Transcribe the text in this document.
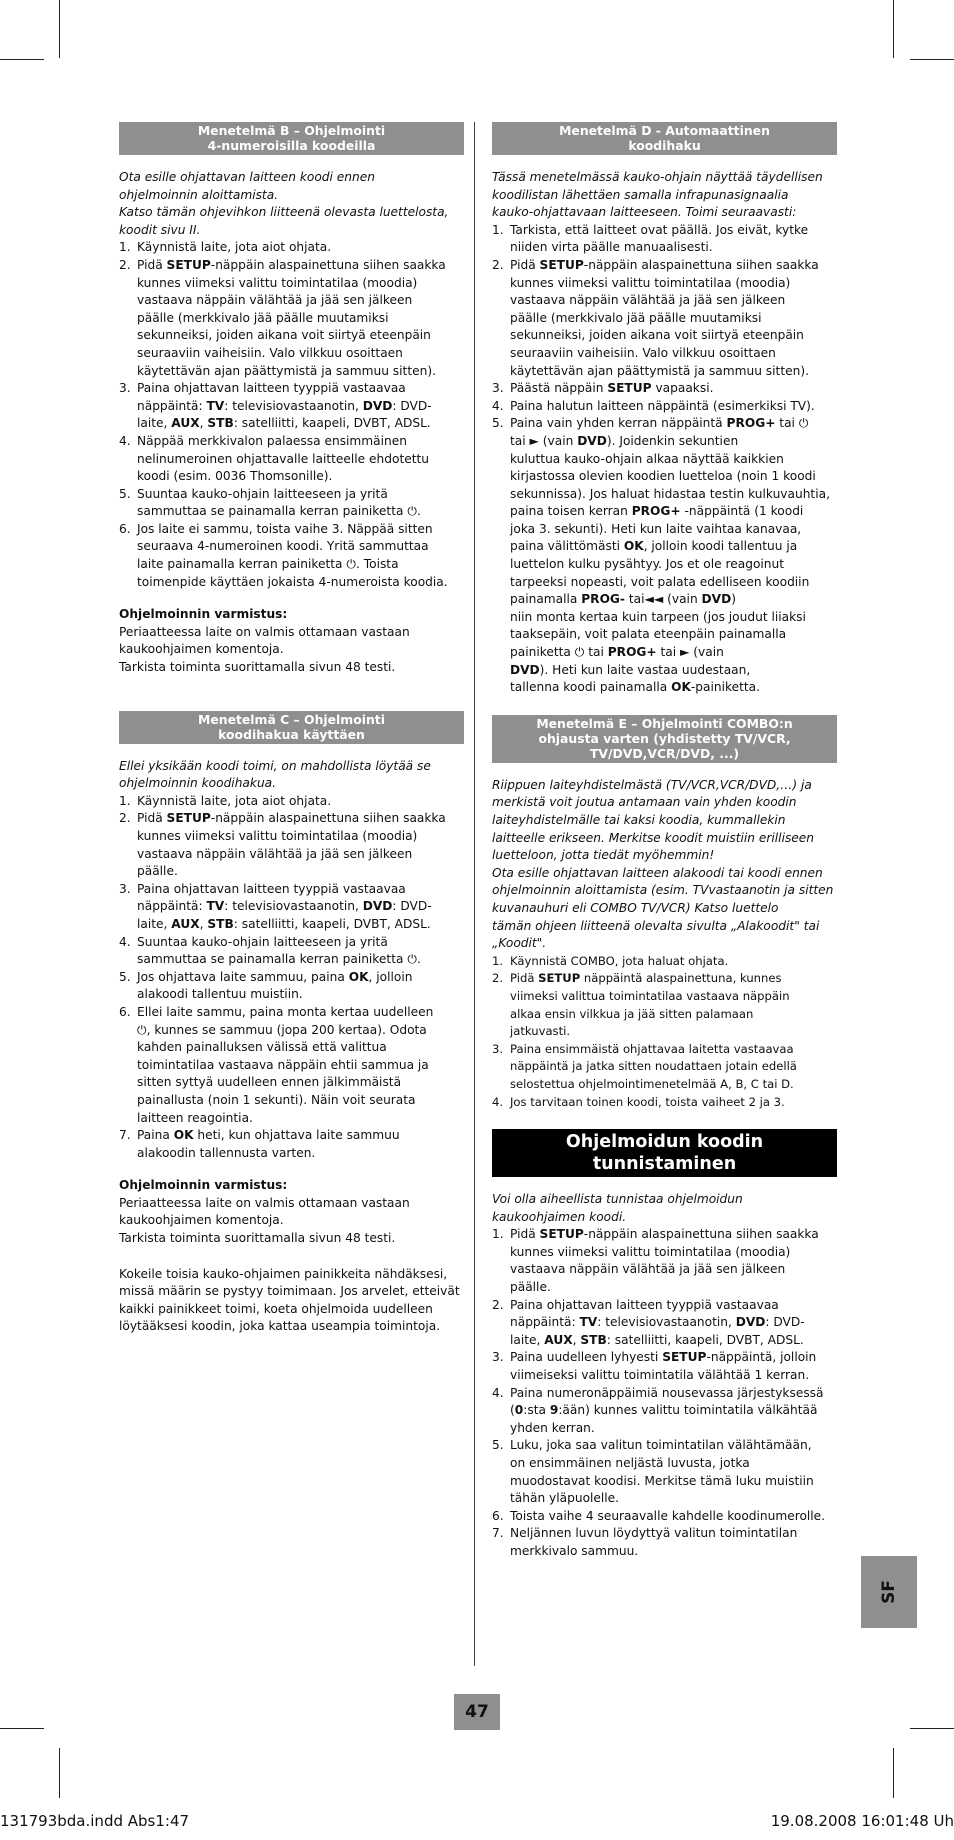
Menetelmä B – Ohjelmointi
4-numeroisilla koodeilla
Ota esille ohjattavan laitteen koodi ennen
ohjelmoinnin aloittamista.
Katso tämän ohjevihkon liitteenä olevasta luettelosta,
koodit sivu II.
1. Käynnistä laite, jota aiot ohjata.
2. Pidä SETUP-näppäin alaspainettuna siihen saakka
kunnes viimeksi valittu toimintatilaa (moodia)
vastaava näppäin välähtää ja jää sen jälkeen
päälle (merkkivalo jää päälle muutamiksi
sekunneiksi, joiden aikana voit siirtyä eteenpäin
seuraaviin vaiheisiin. Valo vilkkuu osoittaen
käytettävän ajan päättymistä ja sammuu sitten).
3. Paina ohjattavan laitteen tyyppiä vastaavaa
näppäintä: TV: televisiovastaanotin, DVD: DVD-
laite, AUX, STB: satelliitti, kaapeli, DVBT, ADSL.
4. Näppää merkkivalon palaessa ensimmäinen
nelinumeroinen ohjattavalle laitteelle ehdotettu
koodi (esim. 0036 Thomsonille).
5. Suuntaa kauko-ohjain laitteeseen ja yritä
sammuttaa se painamalla kerran painiketta ⏻.
6. Jos laite ei sammu, toista vaihe 3. Näppää sitten
seuraava 4-numeroinen koodi. Yritä sammuttaa
laite painamalla kerran painiketta ⏻. Toista
toimenpide käyttäen jokaista 4-numeroista koodia.
Ohjelmoinnin varmistus:
Periaatteessa laite on valmis ottamaan vastaan
kaukoohjaimen komentoja.
Tarkista toiminta suorittamalla sivun 48 testi.
Menetelmä C – Ohjelmointi
koodihakua käyttäen
Ellei yksikään koodi toimi, on mahdollista löytää se
ohjelmoinnin koodihakua.
1. Käynnistä laite, jota aiot ohjata.
2. Pidä SETUP-näppäin alaspainettuna siihen saakka
kunnes viimeksi valittu toimintatilaa (moodia)
vastaava näppäin välähtää ja jää sen jälkeen
päälle.
3. Paina ohjattavan laitteen tyyppiä vastaavaa
näppäintä: TV: televisiovastaanotin, DVD: DVD-
laite, AUX, STB: satelliitti, kaapeli, DVBT, ADSL.
4. Suuntaa kauko-ohjain laitteeseen ja yritä
sammuttaa se painamalla kerran painiketta ⏻.
5. Jos ohjattava laite sammuu, paina OK, jolloin
alakoodi tallentuu muistiin.
6. Ellei laite sammu, paina monta kertaa uudelleen
⏻, kunnes se sammuu (jopa 200 kertaa). Odota
kahden painalluksen välissä että valittua
toimintatilaa vastaava näppäin ehtii sammua ja
sitten syttyä uudelleen ennen jälkimmäistä
painallusta (noin 1 sekunti). Näin voit seurata
laitteen reagointia.
7. Paina OK heti, kun ohjattava laite sammuu
alakoodin tallennusta varten.
Ohjelmoinnin varmistus:
Periaatteessa laite on valmis ottamaan vastaan
kaukoohjaimen komentoja.
Tarkista toiminta suorittamalla sivun 48 testi.
Kokeile toisia kauko-ohjaimen painikkeita nähdäksesi,
missä määrin se pystyy toimimaan. Jos arvelet, etteivät
kaikki painikkeet toimi, koeta ohjelmoida uudelleen
löytääksesi koodin, joka kattaa useampia toimintoja.
Menetelmä D - Automaattinen
koodihaku
Tässä menetelmässä kauko-ohjain näyttää täydellisen
koodilistan lähettäen samalla infrapunasignaalia
kauko-ohjattavaan laitteeseen. Toimi seuraavasti:
1. Tarkista, että laitteet ovat päällä. Jos eivät, kytke
niiden virta päälle manuaalisesti.
2. Pidä SETUP-näppäin alaspainettuna siihen saakka
kunnes viimeksi valittu toimintatilaa (moodia)
vastaava näppäin välähtää ja jää sen jälkeen
päälle (merkkivalo jää päälle muutamiksi
sekunneiksi, joiden aikana voit siirtyä eteenpäin
seuraaviin vaiheisiin. Valo vilkkuu osoittaen
käytettävän ajan päättymistä ja sammuu sitten).
3. Päästä näppäin SETUP vapaaksi.
4. Paina halutun laitteen näppäintä (esimerkiksi TV).
5. Paina vain yhden kerran näppäintä PROG+ tai ⏻
tai ► (vain DVD). Joidenkin sekuntien
kuluttua kauko-ohjain alkaa näyttää kaikkien
kirjastossa olevien koodien luetteloa (noin 1 koodi
sekunnissa). Jos haluat hidastaa testin kulkuvauhtia,
paina toisen kerran PROG+ -näppäintä (1 koodi
joka 3. sekunti). Heti kun laite vaihtaa kanavaa,
paina välittömästi OK, jolloin koodi tallentuu ja
luettelon kulku pysähtyy. Jos et ole reagoinut
tarpeeksi nopeasti, voit palata edelliseen koodiin
painamalla PROG- tai◄◄ (vain DVD)
niin monta kertaa kuin tarpeen (jos joudut liiaksi
taaksepäin, voit palata eteenpäin painamalla
painiketta ⏻ tai PROG+ tai ► (vain
DVD). Heti kun laite vastaa uudestaan,
tallenna koodi painamalla OK-painiketta.
Menetelmä E – Ohjelmointi COMBO:n
ohjausta varten (yhdistetty TV/VCR,
TV/DVD,VCR/DVD, ...)
Riippuen laiteyhdistelmästä (TV/VCR,VCR/DVD,…) ja
merkistä voit joutua antamaan vain yhden koodin
laiteyhdistelmälle tai kaksi koodia, kummallekin
laitteelle erikseen. Merkitse koodit muistiin erilliseen
luetteloon, jotta tiedät myöhemmin!
Ota esille ohjattavan laitteen alakoodi tai koodi ennen
ohjelmoinnin aloittamista (esim. TVvastaanotin ja sitten
kuvanauhuri eli COMBO TV/VCR) Katso luettelo
tämän ohjeen liitteenä olevalta sivulta „Alakoodit" tai
„Koodit".
1. Käynnistä COMBO, jota haluat ohjata.
2. Pidä SETUP näppäintä alaspainettuna, kunnes
viimeksi valittua toimintatilaa vastaava näppäin
alkaa ensin vilkkua ja jää sitten palamaan
jatkuvasti.
3. Paina ensimmäistä ohjattavaa laitetta vastaavaa
näppäintä ja jatka sitten noudattaen jotain edellä
selostettua ohjelmointimenetelmää A, B, C tai D.
4. Jos tarvitaan toinen koodi, toista vaiheet 2 ja 3.
Ohjelmoidun koodin
tunnistaminen
Voi olla aiheellista tunnistaa ohjelmoidun
kaukoohjaimen koodi.
1. Pidä SETUP-näppäin alaspainettuna siihen saakka
kunnes viimeksi valittu toimintatilaa (moodia)
vastaava näppäin välähtää ja jää sen jälkeen
päälle.
2. Paina ohjattavan laitteen tyyppiä vastaavaa
näppäintä: TV: televisiovastaanotin, DVD: DVD-
laite, AUX, STB: satelliitti, kaapeli, DVBT, ADSL.
3. Paina uudelleen lyhyesti SETUP-näppäintä, jolloin
viimeiseksi valittu toimintatila välähtää 1 kerran.
4. Paina numeronäppäimiä nousevassa järjestyksessä
(0:sta 9:ään) kunnes valittu toimintatila välkähtää
yhden kerran.
5. Luku, joka saa valitun toimintatilan välähtämään,
on ensimmäinen neljästä luvusta, jotka
muodostavat koodisi. Merkitse tämä luku muistiin
tähän yläpuolelle.
6. Toista vaihe 4 seuraavalle kahdelle koodinumerolle.
7. Neljännen luvun löydyttyä valitun toimintatilan
merkkivalo sammuu.
SF
47
131793bda.indd Abs1:47	19.08.2008 16:01:48 Uh
